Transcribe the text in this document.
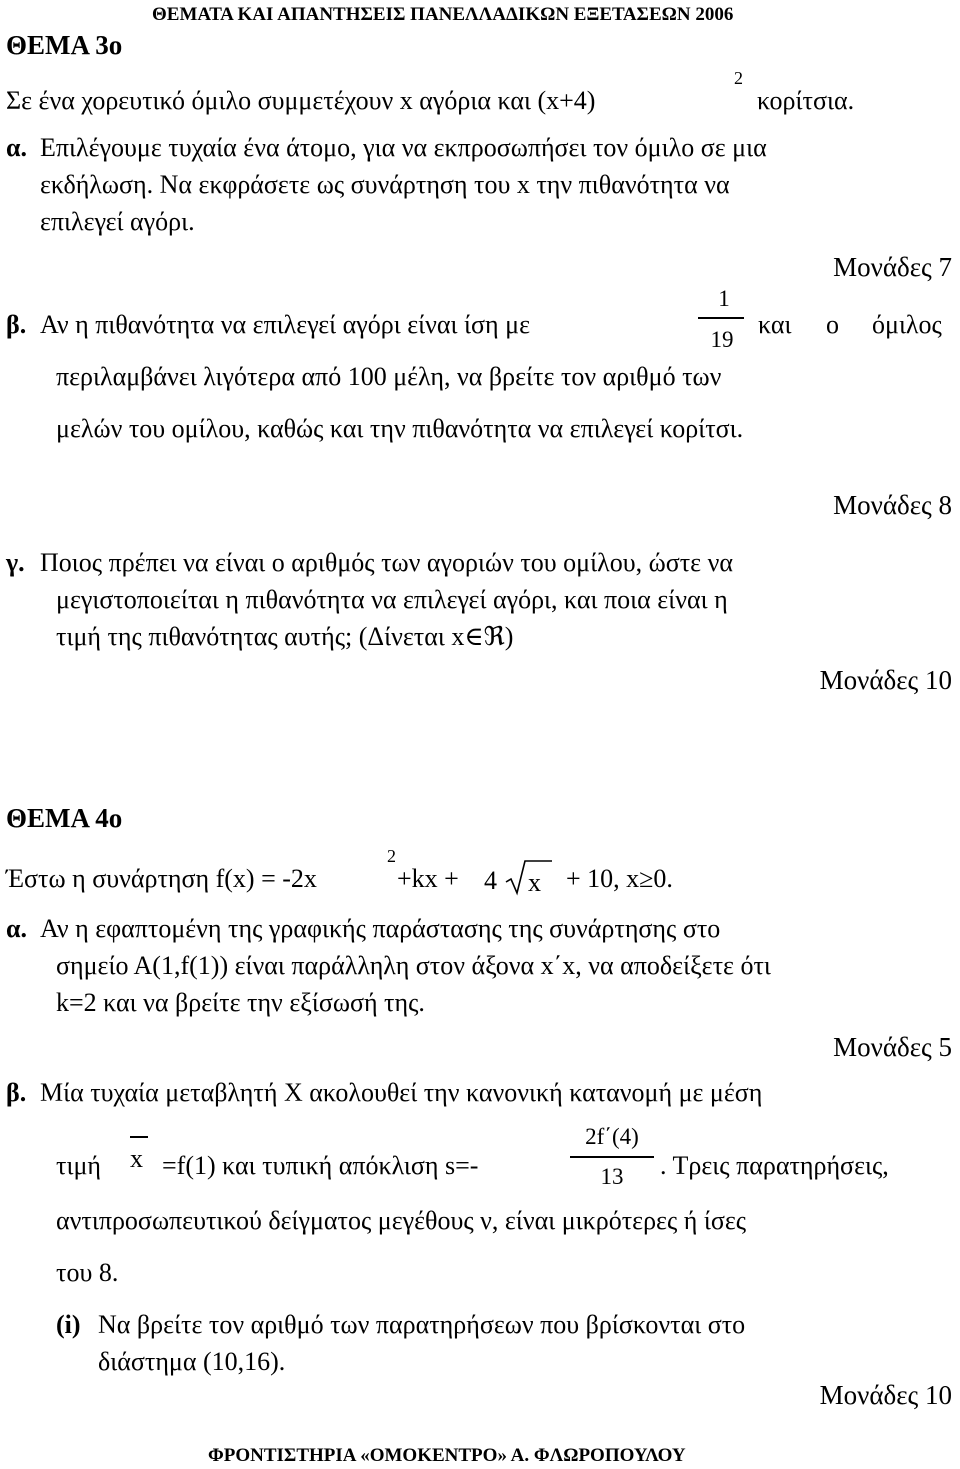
ΘΕΜΑΤΑ ΚΑΙ ΑΠΑΝΤΗΣΕΙΣ ΠΑΝΕΛΛΑΔΙΚΩΝ ΕΞΕΤΑΣΕΩΝ 2006
ΘΕΜΑ 3ο
Σε ένα χορευτικό όμιλο συμμετέχουν x αγόρια και (x+4)
2
κορίτσια.
α. Επιλέγουμε τυχαία ένα άτομο, για να εκπροσωπήσει τον όμιλο σε μια
εκδήλωση. Να εκφράσετε ως συνάρτηση του x την πιθανότητα να
επιλεγεί αγόρι.
Μονάδες 7
β. Αν η πιθανότητα να επιλεγεί αγόρι είναι ίση με
1
19
και ο όμιλος
περιλαμβάνει λιγότερα από 100 μέλη, να βρείτε τον αριθμό των
μελών του ομίλου, καθώς και την πιθανότητα να επιλεγεί κορίτσι.
Μονάδες 8
γ. Ποιος πρέπει να είναι ο αριθμός των αγοριών του ομίλου, ώστε να
μεγιστοποιείται η πιθανότητα να επιλεγεί αγόρι, και ποια είναι η
τιμή της πιθανότητας αυτής; (Δίνεται x∈ℜ)
Μονάδες 10
ΘΕΜΑ 4ο
Έστω η συνάρτηση f(x) = -2x
2
+kx + 4 x + 10, x≥0.
α. Αν η εφαπτομένη της γραφικής παράστασης της συνάρτησης στο
σημείο Α(1,f(1)) είναι παράλληλη στον άξονα x΄x, να αποδείξετε ότι
k=2 και να βρείτε την εξίσωσή της.
Μονάδες 5
β. Μία τυχαία μεταβλητή Χ ακολουθεί την κανονική κατανομή με μέση
τιμή x =f(1) και τυπική απόκλιση s=-
2f΄(4)
13	. Τρεις παρατηρήσεις,
αντιπροσωπευτικού δείγματος μεγέθους ν, είναι μικρότερες ή ίσες
του 8.
(i) Να βρείτε τον αριθμό των παρατηρήσεων που βρίσκονται στο
διάστημα (10,16).
Μονάδες 10
ΦΡΟΝΤΙΣΤΗΡΙΑ «ΟΜΟΚΕΝΤΡΟ» Α. ΦΛΩΡΟΠΟΥΛΟΥ
